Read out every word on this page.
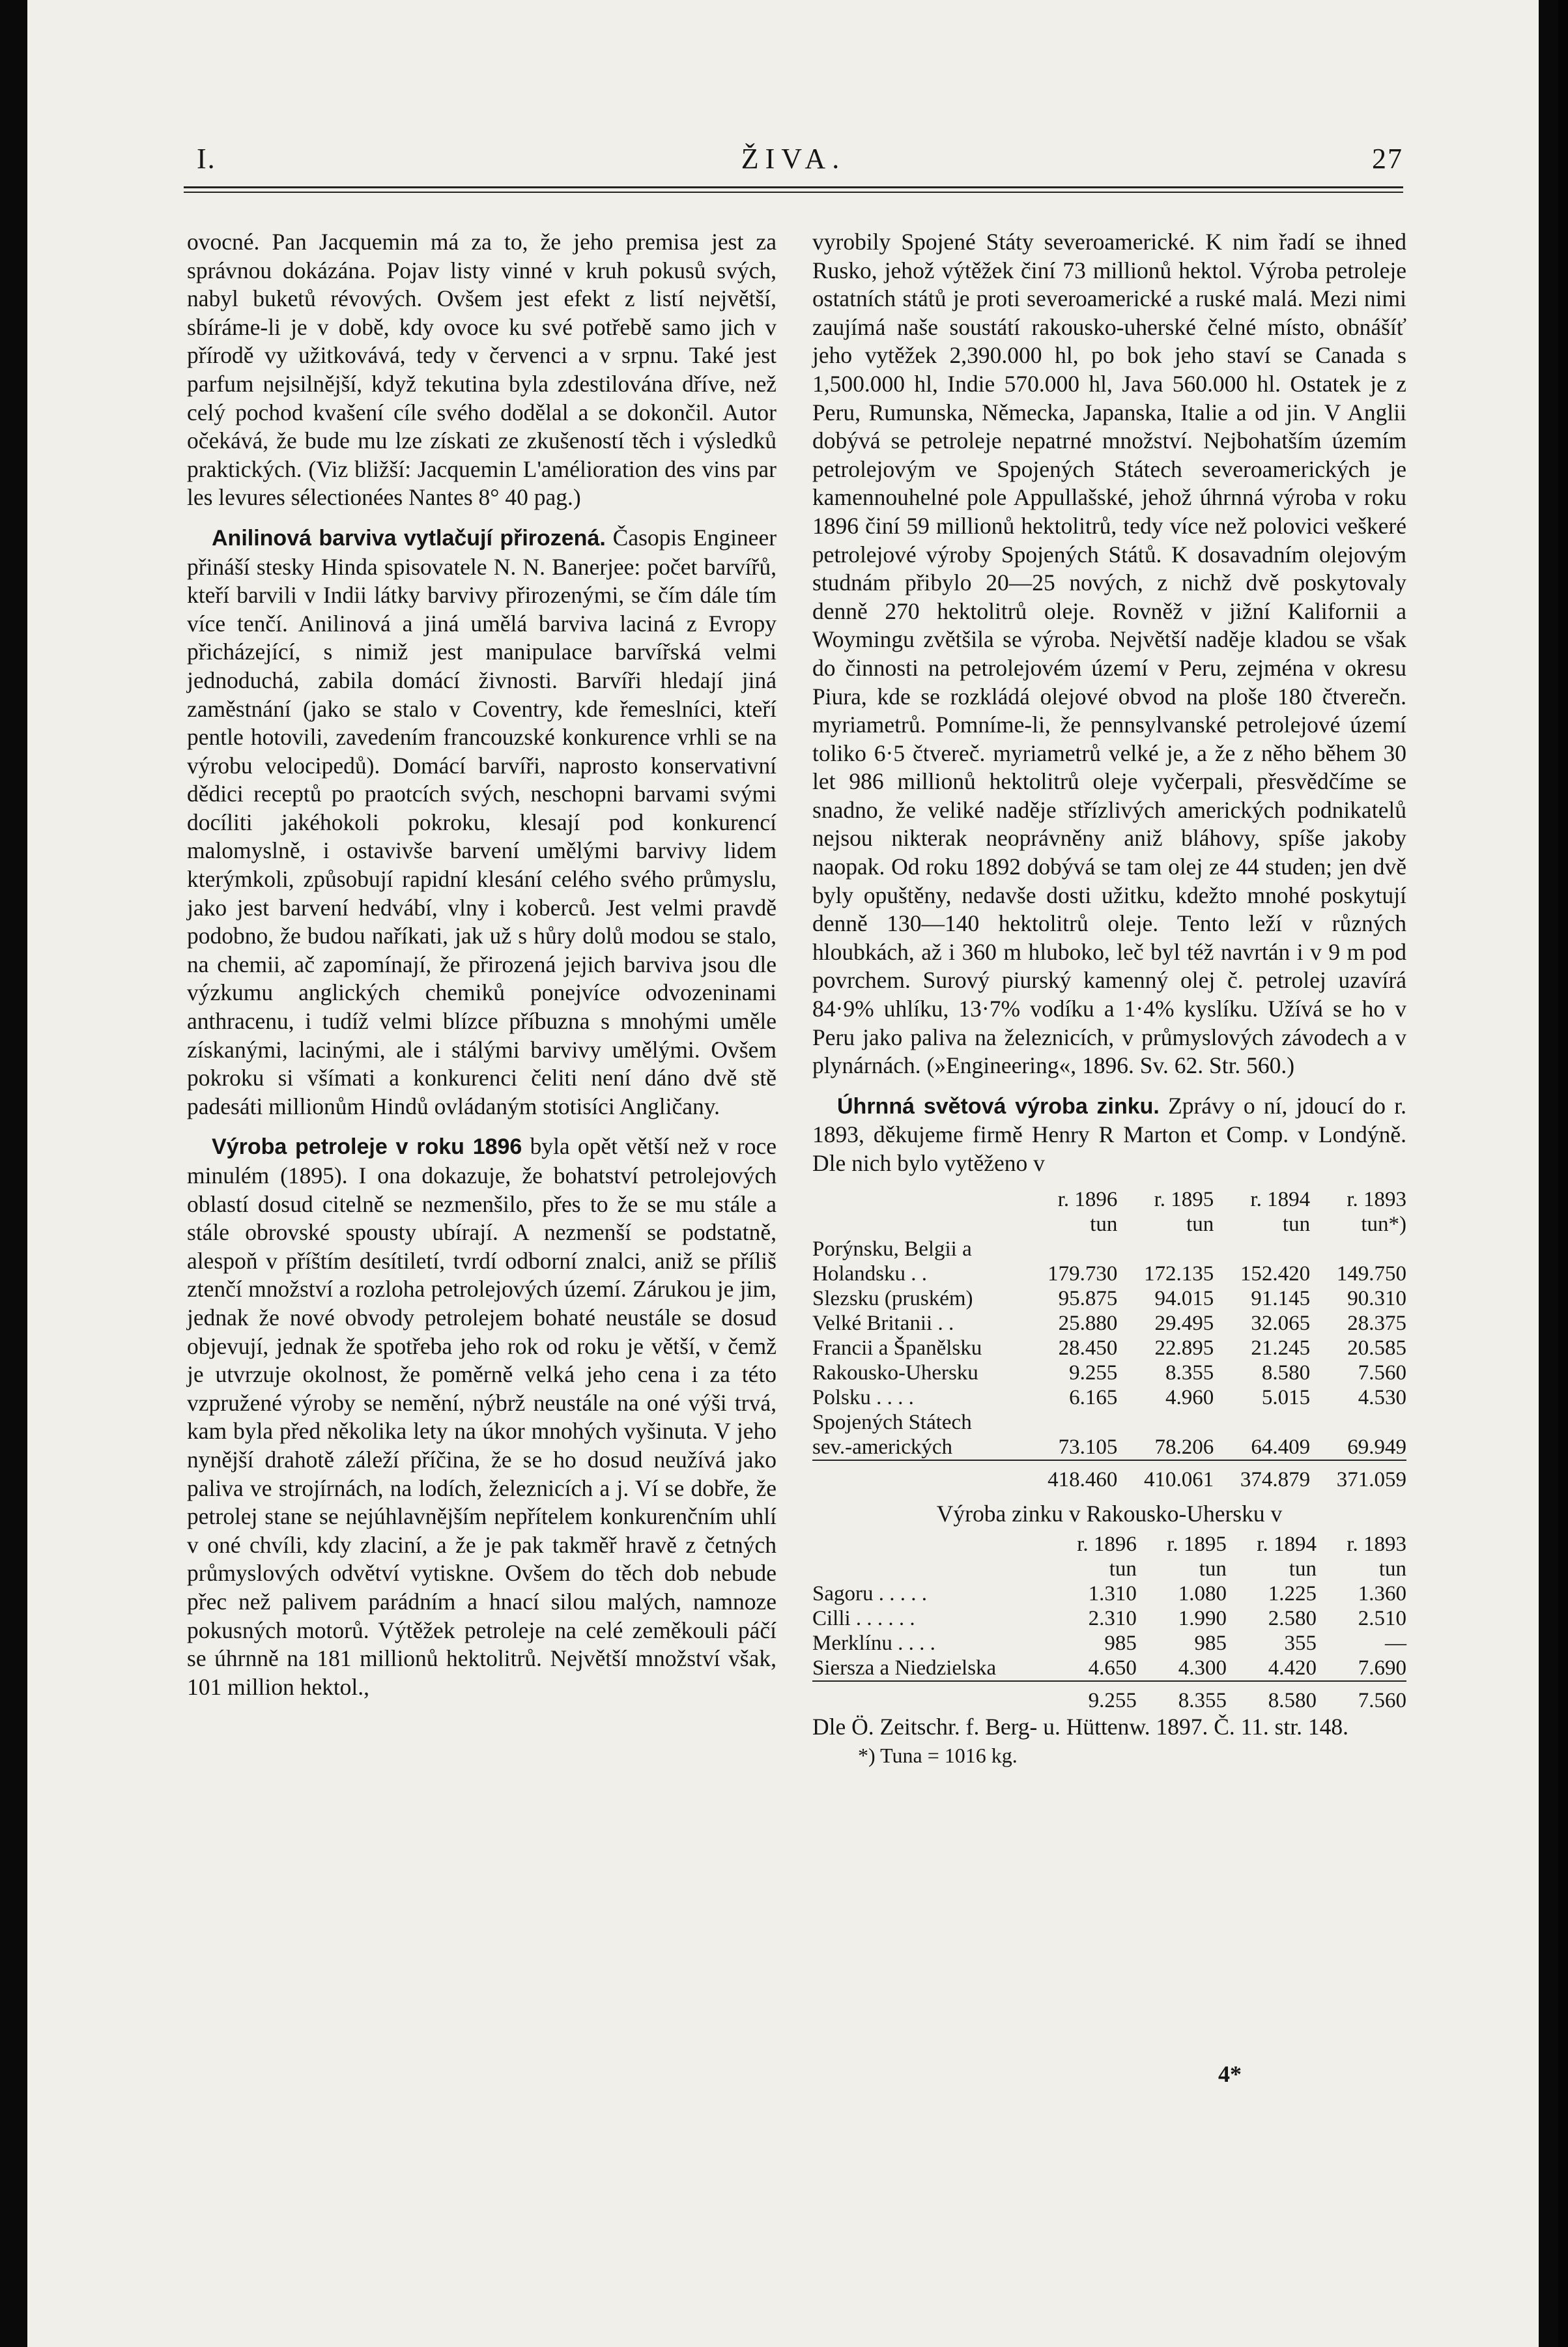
I.	ŽIVA.	27

ovocné. Pan Jacquemin má za to, že jeho premisa jest za správnou dokázána. Pojav listy vinné v kruh pokusů svých, nabyl buketů révových. Ovšem jest efekt z listí největší, sbíráme-li je v době, kdy ovoce ku své potřebě samo jich v přírodě vy užitkovává, tedy v červenci a v srpnu. Také jest parfum nejsilnější, když tekutina byla zdestilována dříve, než celý pochod kvašení cíle svého dodělal a se dokončil. Autor očekává, že bude mu lze získati ze zkušeností těch i výsledků praktických. (Viz bližší: Jacquemin L'amélioration des vins par les levures sélectionées Nantes 8° 40 pag.)

Anilinová barviva vytlačují přirozená. Časopis Engineer přináší stesky Hinda spisovatele N. N. Banerjee: počet barvířů, kteří barvili v Indii látky barvivy přirozenými, se čím dále tím více tenčí. Anilinová a jiná umělá barviva laciná z Evropy přicházející, s nimiž jest manipulace barvířská velmi jednoduchá, zabila domácí živnosti. Barvíři hledají jiná zaměstnání (jako se stalo v Coventry, kde řemeslníci, kteří pentle hotovili, zavedením francouzské konkurence vrhli se na výrobu velocipedů). Domácí barvíři, naprosto konservativní dědici receptů po praotcích svých, neschopni barvami svými docíliti jakéhokoli pokroku, klesají pod konkurencí malomyslně, i ostavivše barvení umělými barvivy lidem kterýmkoli, způsobují rapidní klesání celého svého průmyslu, jako jest barvení hedvábí, vlny i koberců. Jest velmi pravdě podobno, že budou naříkati, jak už s hůry dolů modou se stalo, na chemii, ač zapomínají, že přirozená jejich barviva jsou dle výzkumu anglických chemiků ponejvíce odvozeninami anthracenu, i tudíž velmi blízce příbuzna s mnohými uměle získanými, lacinými, ale i stálými barvivy umělými. Ovšem pokroku si všímati a konkurenci čeliti není dáno dvě stě padesáti millionům Hindů ovládaným stotisíci Angličany.

Výroba petroleje v roku 1896 byla opět větší než v roce minulém (1895). I ona dokazuje, že bohatství petrolejových oblastí dosud citelně se nezmenšilo, přes to že se mu stále a stále obrovské spousty ubírají. A nezmenší se podstatně, alespoň v příštím desítiletí, tvrdí odborní znalci, aniž se příliš ztenčí množství a rozloha petrolejových území. Zárukou je jim, jednak že nové obvody petrolejem bohaté neustále se dosud objevují, jednak že spotřeba jeho rok od roku je větší, v čemž je utvrzuje okolnost, že poměrně velká jeho cena i za této vzpružené výroby se nemění, nýbrž neustále na oné výši trvá, kam byla před několika lety na úkor mnohých vyšinuta. V jeho nynější drahotě záleží příčina, že se ho dosud neužívá jako paliva ve strojírnách, na lodích, železnicích a j. Ví se dobře, že petrolej stane se nejúhlavnějším nepřítelem konkurenčním uhlí v oné chvíli, kdy zlaciní, a že je pak takměř hravě z četných průmyslových odvětví vytiskne. Ovšem do těch dob nebude přec než palivem parádním a hnací silou malých, namnoze pokusných motorů. Výtěžek petroleje na celé zeměkouli páčí se úhrnně na 181 millionů hektolitrů. Největší množství však, 101 million hektol.,

vyrobily Spojené Státy severoamerické. K nim řadí se ihned Rusko, jehož výtěžek činí 73 millionů hektol. Výroba petroleje ostatních států je proti severoamerické a ruské malá. Mezi nimi zaujímá naše soustátí rakousko-uherské čelné místo, obnášíť jeho vytěžek 2,390.000 hl, po bok jeho staví se Canada s 1,500.000 hl, Indie 570.000 hl, Java 560.000 hl. Ostatek je z Peru, Rumunska, Německa, Japanska, Italie a od jin. V Anglii dobývá se petroleje nepatrné množství. Nejbohatším územím petrolejovým ve Spojených Státech severoamerických je kamennouhelné pole Appullašské, jehož úhrnná výroba v roku 1896 činí 59 millionů hektolitrů, tedy více než polovici veškeré petrolejové výroby Spojených Států. K dosavadním olejovým studnám přibylo 20—25 nových, z nichž dvě poskytovaly denně 270 hektolitrů oleje. Rovněž v jižní Kalifornii a Woymingu zvětšila se výroba. Největší naděje kladou se však do činnosti na petrolejovém území v Peru, zejména v okresu Piura, kde se rozkládá olejové obvod na ploše 180 čtverečn. myriametrů. Pomníme-li, že pennsylvanské petrolejové území toliko 6·5 čtvereč. myriametrů velké je, a že z něho během 30 let 986 millionů hektolitrů oleje vyčerpali, přesvědčíme se snadno, že veliké naděje střízlivých amerických podnikatelů nejsou nikterak neoprávněny aniž bláhovy, spíše jakoby naopak. Od roku 1892 dobývá se tam olej ze 44 studen; jen dvě byly opuštěny, nedavše dosti užitku, kdežto mnohé poskytují denně 130—140 hektolitrů oleje. Tento leží v různých hloubkách, až i 360 m hluboko, leč byl též navrtán i v 9 m pod povrchem. Surový piurský kamenný olej č. petrolej uzavírá 84·9% uhlíku, 13·7% vodíku a 1·4% kyslíku. Užívá se ho v Peru jako paliva na železnicích, v průmyslových závodech a v plynárnách. (»Engineering«, 1896. Sv. 62. Str. 560.)

Úhrnná světová výroba zinku. Zprávy o ní, jdoucí do r. 1893, děkujeme firmě Henry R Marton et Comp. v Londýně. Dle nich bylo vytěženo v

	r. 1896	r. 1895	r. 1894	r. 1893
	tun	tun	tun	tun*)
Porýnsku, Belgii a				
Holandsku . .	179.730	172.135	152.420	149.750
Slezsku (pruském)	95.875	94.015	91.145	90.310
Velké Britanii . .	25.880	29.495	32.065	28.375
Francii a Španělsku	28.450	22.895	21.245	20.585
Rakousko-Uhersku	9.255	8.355	8.580	7.560
Polsku . . . .	6.165	4.960	5.015	4.530
Spojených Státech				
sev.-amerických	73.105	78.206	64.409	69.949
	418.460	410.061	374.879	371.059

Výroba zinku v Rakousko-Uhersku v

	r. 1896	r. 1895	r. 1894	r. 1893
	tun	tun	tun	tun
Sagoru . . . . .	1.310	1.080	1.225	1.360
Cilli . . . . . .	2.310	1.990	2.580	2.510
Merklínu . . . .	985	985	355	—
Siersza a Niedzielska	4.650	4.300	4.420	7.690
	9.255	8.355	8.580	7.560

Dle Ö. Zeitschr. f. Berg- u. Hüttenw. 1897. Č. 11. str. 148.

*) Tuna = 1016 kg.

4*
